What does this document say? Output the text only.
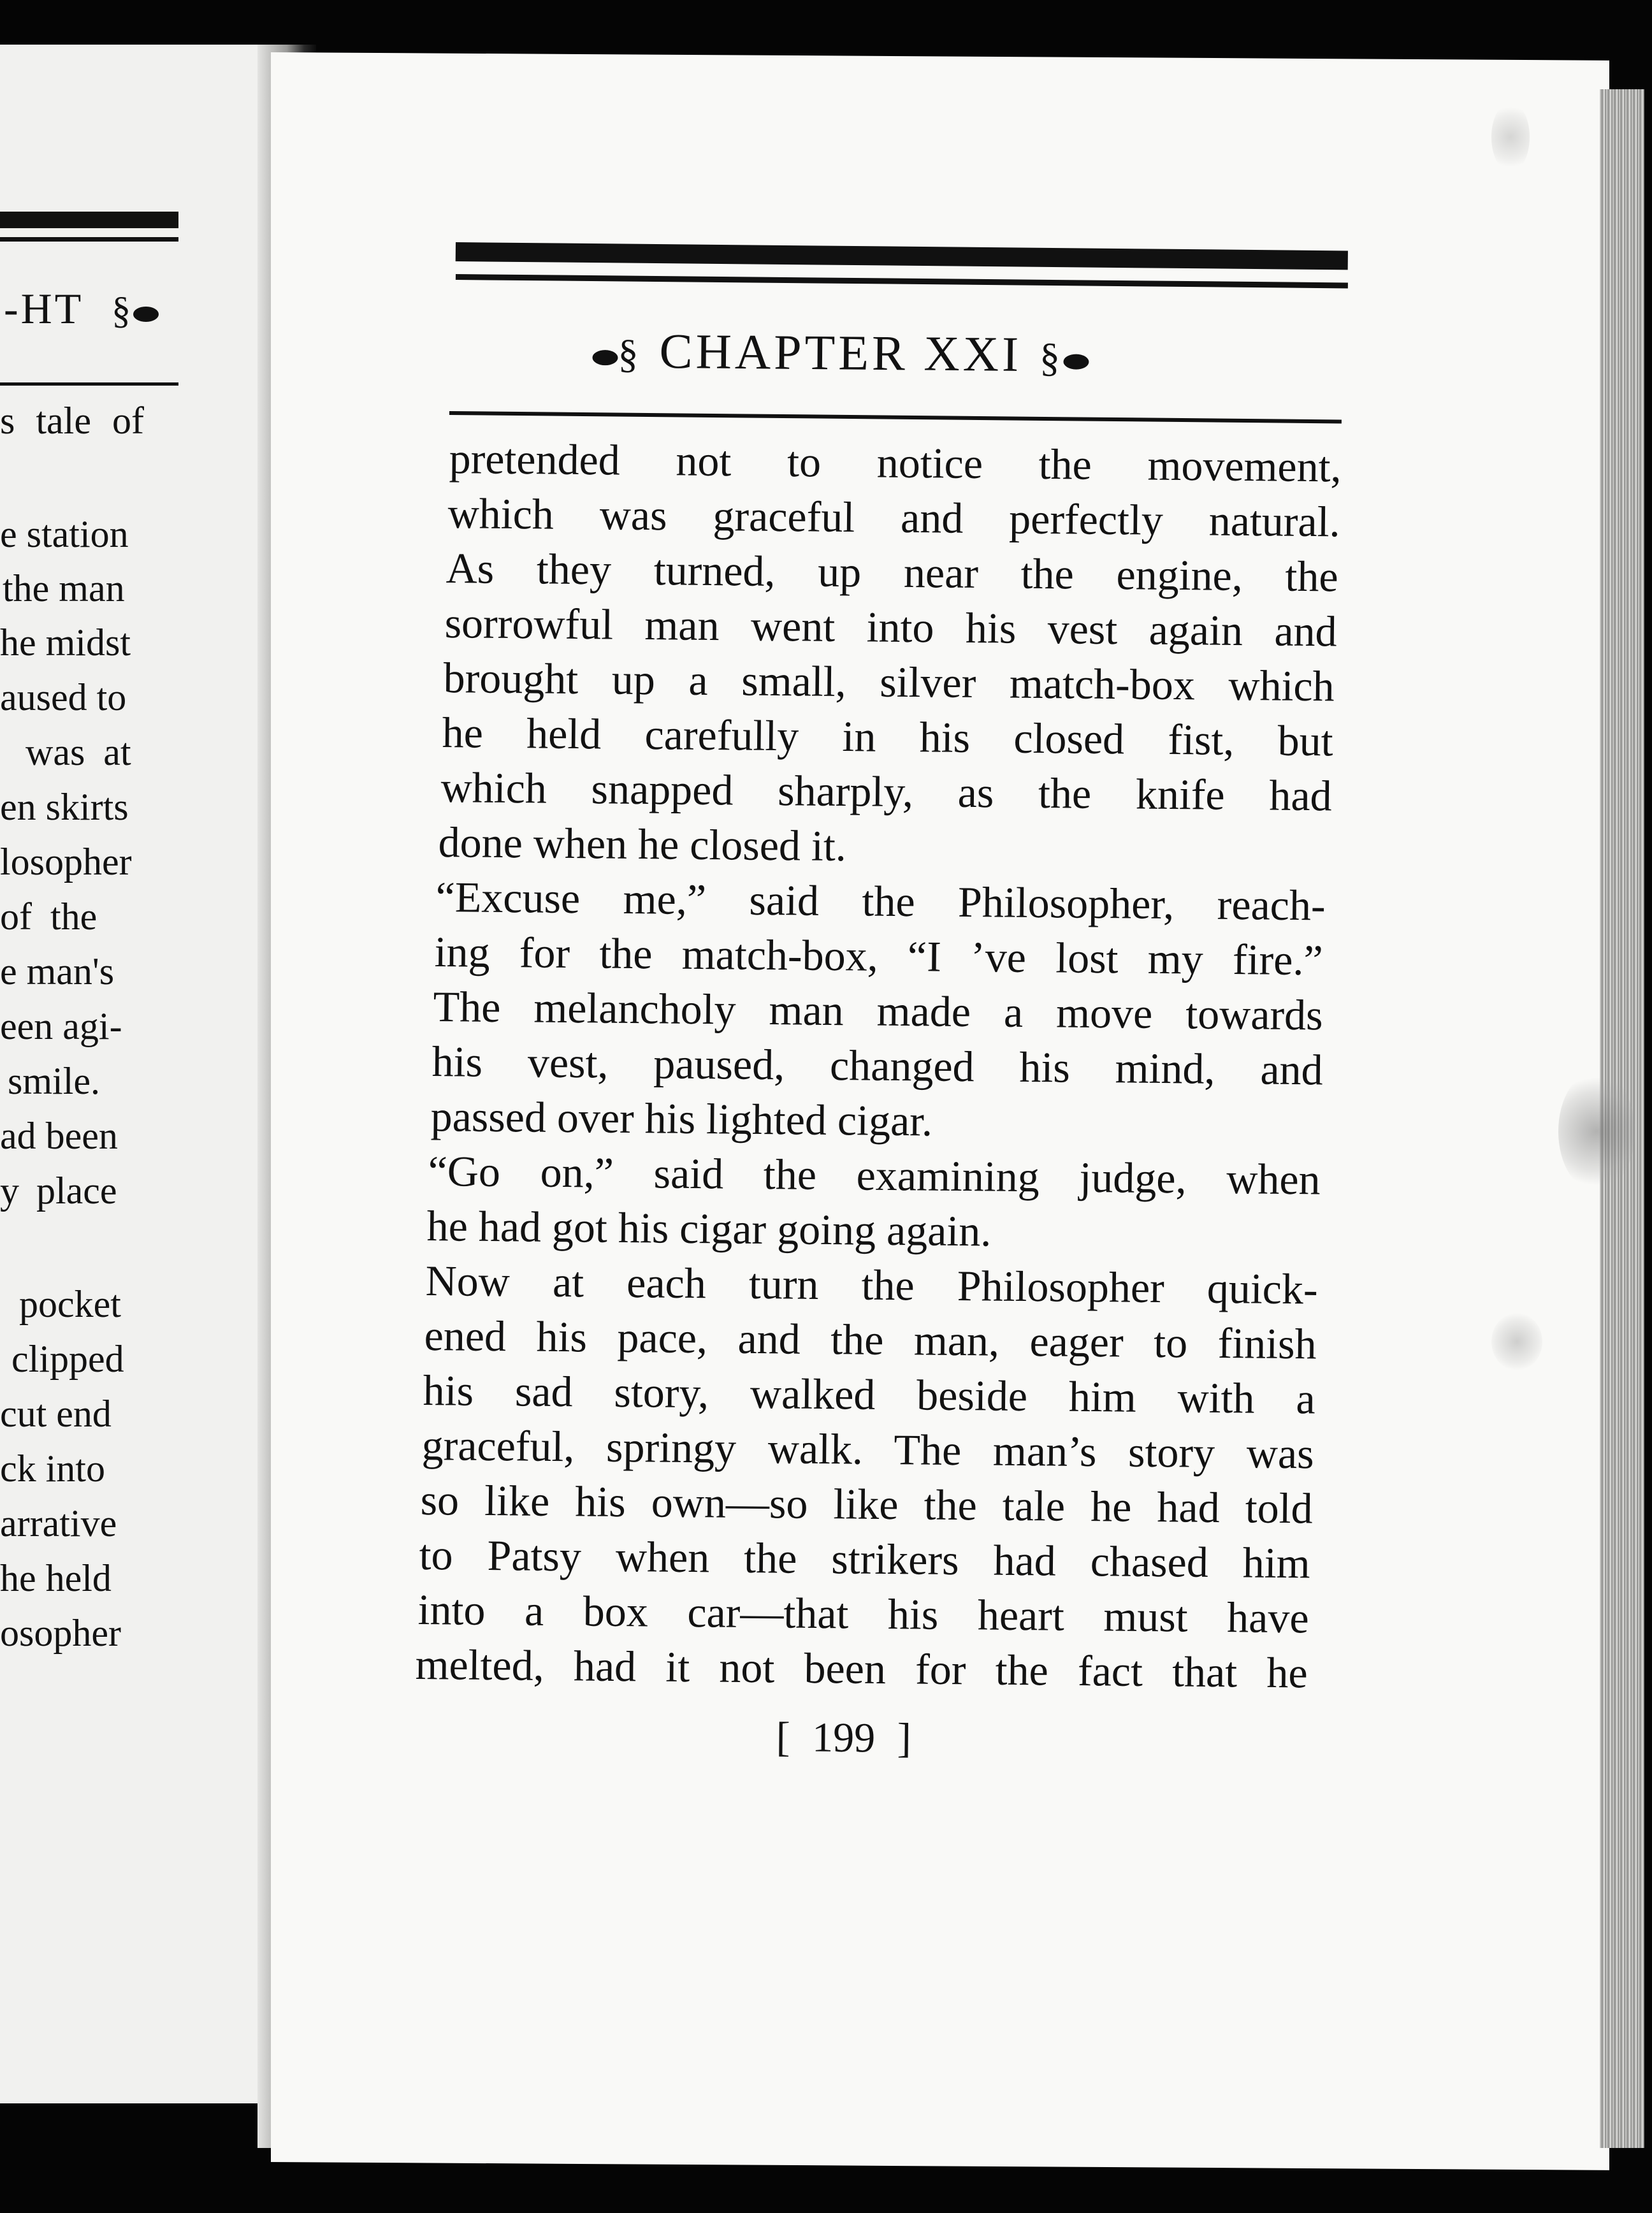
-HT §
s tale of
e station
the man
he midst
aused to
was at
en skirts
losopher
of the
e man's
een agi-
smile.
ad been
y place
pocket
clipped
cut end
ck into
arrative
he held
osopher
§ CHAPTER XXI §
pretended not to notice the movement,
which was graceful and perfectly natural.
As they turned, up near the engine, the
sorrowful man went into his vest again and
brought up a small, silver match-box which
he held carefully in his closed fist, but
which snapped sharply, as the knife had
done when he closed it.
“Excuse me,” said the Philosopher, reach-
ing for the match-box, “I ’ve lost my fire.”
The melancholy man made a move towards
his vest, paused, changed his mind, and
passed over his lighted cigar.
“Go on,” said the examining judge, when
he had got his cigar going again.
Now at each turn the Philosopher quick-
ened his pace, and the man, eager to finish
his sad story, walked beside him with a
graceful, springy walk. The man’s story was
so like his own—so like the tale he had told
to Patsy when the strikers had chased him
into a box car—that his heart must have
melted, had it not been for the fact that he
[ 199 ]
